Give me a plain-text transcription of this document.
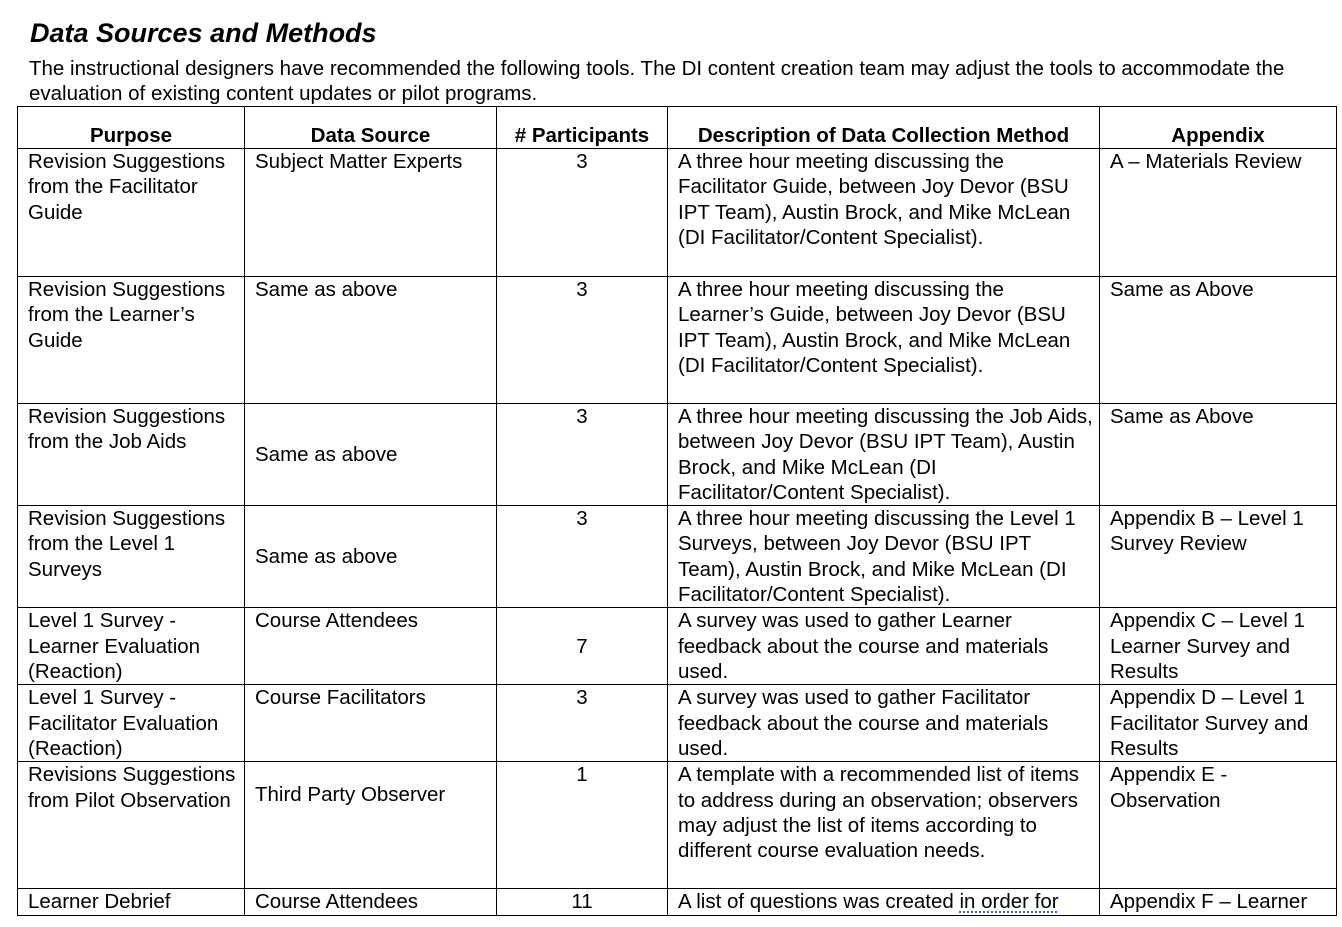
Data Sources and Methods

The instructional designers have recommended the following tools. The DI content creation team may adjust the tools to accommodate the evaluation of existing content updates or pilot programs.

Purpose	Data Source	# Participants	Description of Data Collection Method	Appendix
Revision Suggestions from the Facilitator Guide	Subject Matter Experts	3	A three hour meeting discussing the Facilitator Guide, between Joy Devor (BSU IPT Team), Austin Brock, and Mike McLean (DI Facilitator/Content Specialist).	A – Materials Review
Revision Suggestions from the Learner’s Guide	Same as above	3	A three hour meeting discussing the Learner’s Guide, between Joy Devor (BSU IPT Team), Austin Brock, and Mike McLean (DI Facilitator/Content Specialist).	Same as Above
Revision Suggestions from the Job Aids	Same as above	3	A three hour meeting discussing the Job Aids, between Joy Devor (BSU IPT Team), Austin Brock, and Mike McLean (DI Facilitator/Content Specialist).	Same as Above
Revision Suggestions from the Level 1 Surveys	Same as above	3	A three hour meeting discussing the Level 1 Surveys, between Joy Devor (BSU IPT Team), Austin Brock, and Mike McLean (DI Facilitator/Content Specialist).	Appendix B – Level 1 Survey Review
Level 1 Survey - Learner Evaluation (Reaction)	Course Attendees	7	A survey was used to gather Learner feedback about the course and materials used.	Appendix C – Level 1 Learner Survey and Results
Level 1 Survey - Facilitator Evaluation (Reaction)	Course Facilitators	3	A survey was used to gather Facilitator feedback about the course and materials used.	Appendix D – Level 1 Facilitator Survey and Results
Revisions Suggestions from Pilot Observation	Third Party Observer	1	A template with a recommended list of items to address during an observation; observers may adjust the list of items according to different course evaluation needs.	Appendix E - Observation
Learner Debrief	Course Attendees	11	A list of questions was created in order for	Appendix F – Learner
